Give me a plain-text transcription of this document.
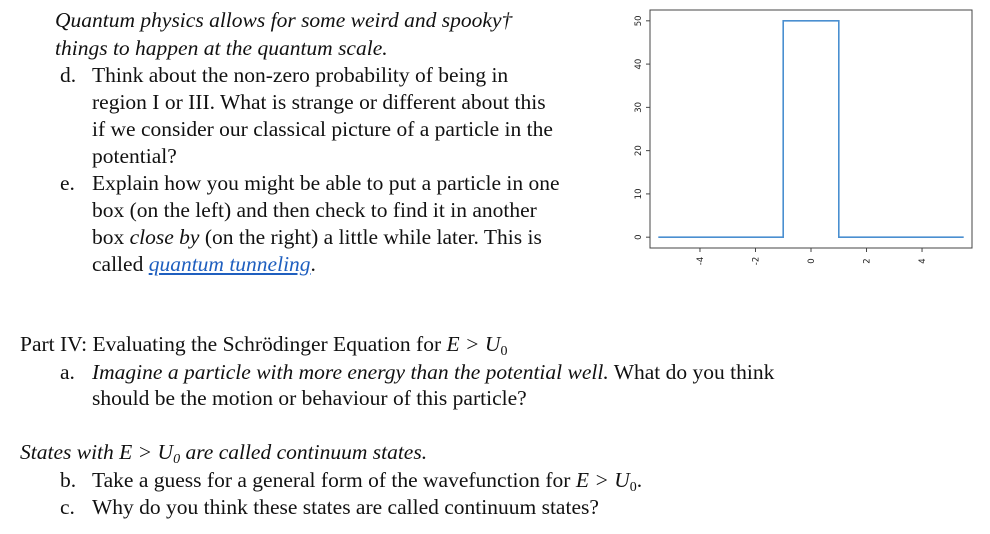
Quantum physics allows for some weird and spooky†
things to happen at the quantum scale.
d. Think about the non-zero probability of being in
region I or III. What is strange or different about this
if we consider our classical picture of a particle in the
potential?
e. Explain how you might be able to put a particle in one
box (on the left) and then check to find it in another
box close by (on the right) a little while later. This is
called quantum tunneling.
0
10
20
30
40
50
-4	-2	0	2	4
Part IV: Evaluating the Schrödinger Equation for $E > U_0$
a. Imagine a particle with more energy than the potential well. What do you think
should be the motion or behaviour of this particle?
States with $E > U_0$ are called continuum states.
b. Take a guess for a general form of the wavefunction for $E > U_0$.
c. Why do you think these states are called continuum states?
